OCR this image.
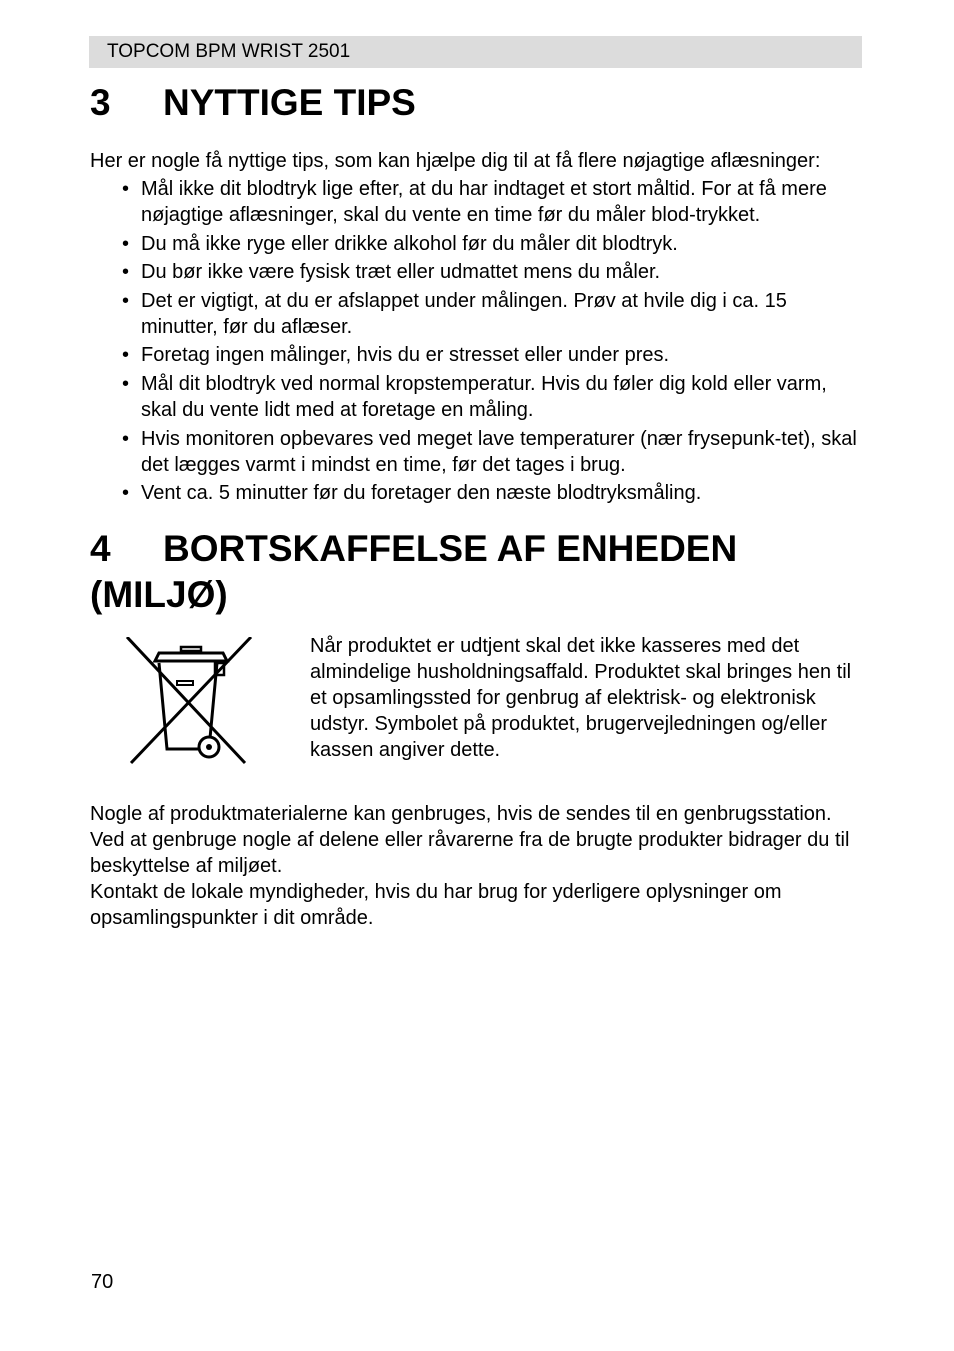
TOPCOM BPM WRIST 2501
3 NYTTIGE TIPS

Her er nogle få nyttige tips, som kan hjælpe dig til at få flere nøjagtige aflæsninger:

• Mål ikke dit blodtryk lige efter, at du har indtaget et stort måltid. For at få mere nøjagtige aflæsninger, skal du vente en time før du måler blod-trykket.
• Du må ikke ryge eller drikke alkohol før du måler dit blodtryk.
• Du bør ikke være fysisk træt eller udmattet mens du måler.
• Det er vigtigt, at du er afslappet under målingen. Prøv at hvile dig i ca. 15 minutter, før du aflæser.
• Foretag ingen målinger, hvis du er stresset eller under pres.
• Mål dit blodtryk ved normal kropstemperatur. Hvis du føler dig kold eller varm, skal du vente lidt med at foretage en måling.
• Hvis monitoren opbevares ved meget lave temperaturer (nær frysepunk-tet), skal det lægges varmt i mindst en time, før det tages i brug.
• Vent ca. 5 minutter før du foretager den næste blodtryksmåling.
4 BORTSKAFFELSE AF ENHEDEN (MILJØ)

Når produktet er udtjent skal det ikke kasseres med det almindelige husholdningsaffald. Produktet skal bringes hen til et opsamlingssted for genbrug af elektrisk- og elektronisk udstyr. Symbolet på produktet, brugervejledningen og/eller kassen angiver dette.

Nogle af produktmaterialerne kan genbruges, hvis de sendes til en genbrugsstation. Ved at genbruge nogle af delene eller råvarerne fra de brugte produkter bidrager du til beskyttelse af miljøet.

Kontakt de lokale myndigheder, hvis du har brug for yderligere oplysninger om opsamlingspunkter i dit område.

70
